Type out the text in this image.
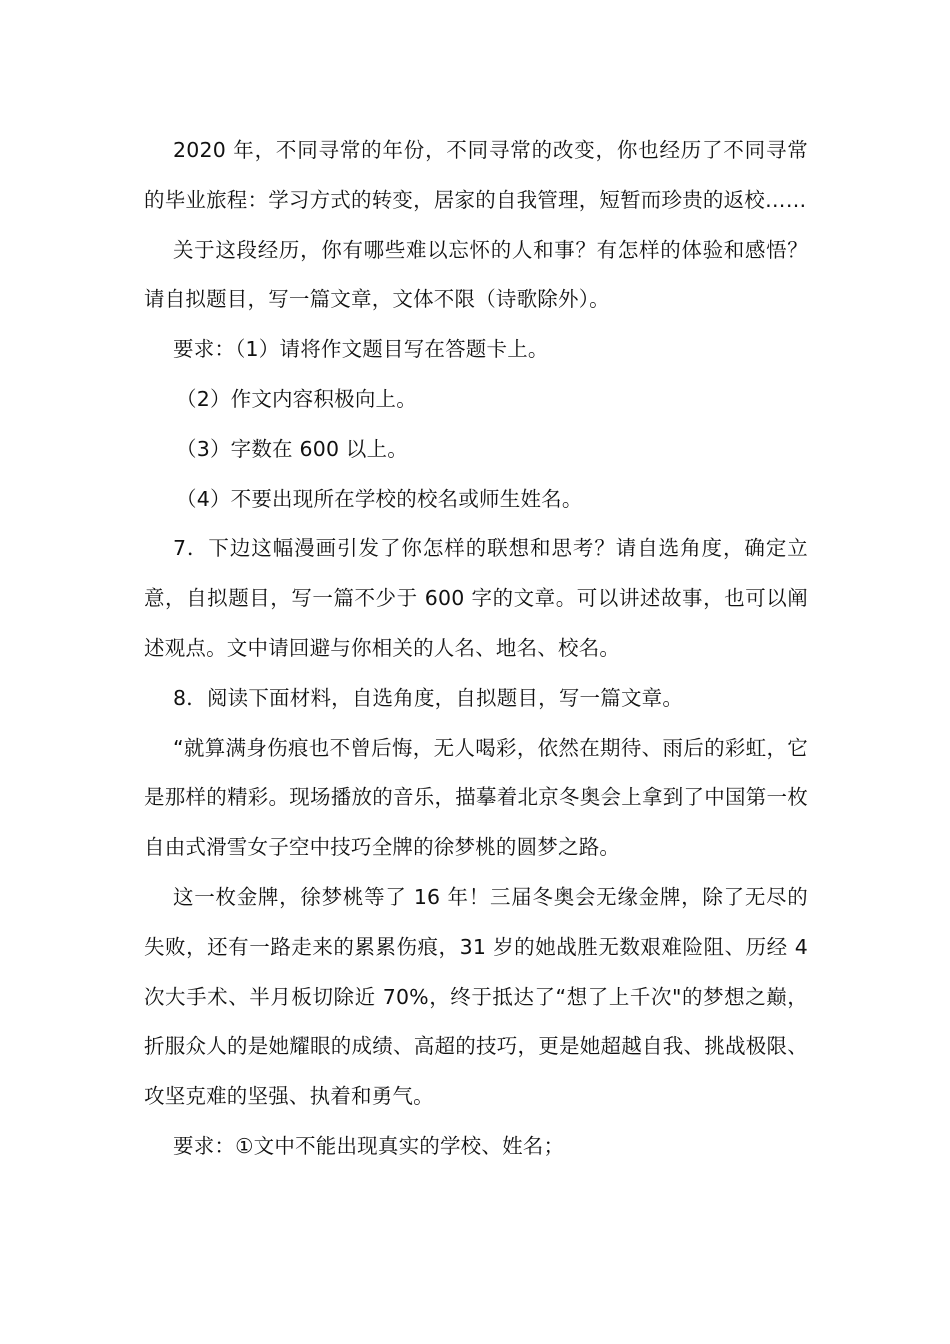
2020 年，不同寻常的年份，不同寻常的改变，你也经历了不同寻常的毕业旅程：学习方式的转变，居家的自我管理，短暂而珍贵的返校……

关于这段经历，你有哪些难以忘怀的人和事？有怎样的体验和感悟？请自拟题目，写一篇文章，文体不限（诗歌除外）。

要求：（1）请将作文题目写在答题卡上。

（2）作文内容积极向上。

（3）字数在 600 以上。

（4）不要出现所在学校的校名或师生姓名。

7．下边这幅漫画引发了你怎样的联想和思考？请自选角度，确定立意，自拟题目，写一篇不少于 600 字的文章。可以讲述故事，也可以阐述观点。文中请回避与你相关的人名、地名、校名。

8．阅读下面材料，自选角度，自拟题目，写一篇文章。

“就算满身伤痕也不曾后悔，无人喝彩，依然在期待、雨后的彩虹，它是那样的精彩。现场播放的音乐，描摹着北京冬奥会上拿到了中国第一枚自由式滑雪女子空中技巧全牌的徐梦桃的圆梦之路。

这一枚金牌，徐梦桃等了 16 年！三届冬奥会无缘金牌，除了无尽的失败，还有一路走来的累累伤痕，31 岁的她战胜无数艰难险阻、历经 4 次大手术、半月板切除近 70%，终于抵达了“想了上千次"的梦想之巅，折服众人的是她耀眼的成绩、高超的技巧，更是她超越自我、挑战极限、攻坚克难的坚强、执着和勇气。

要求：①文中不能出现真实的学校、姓名；
